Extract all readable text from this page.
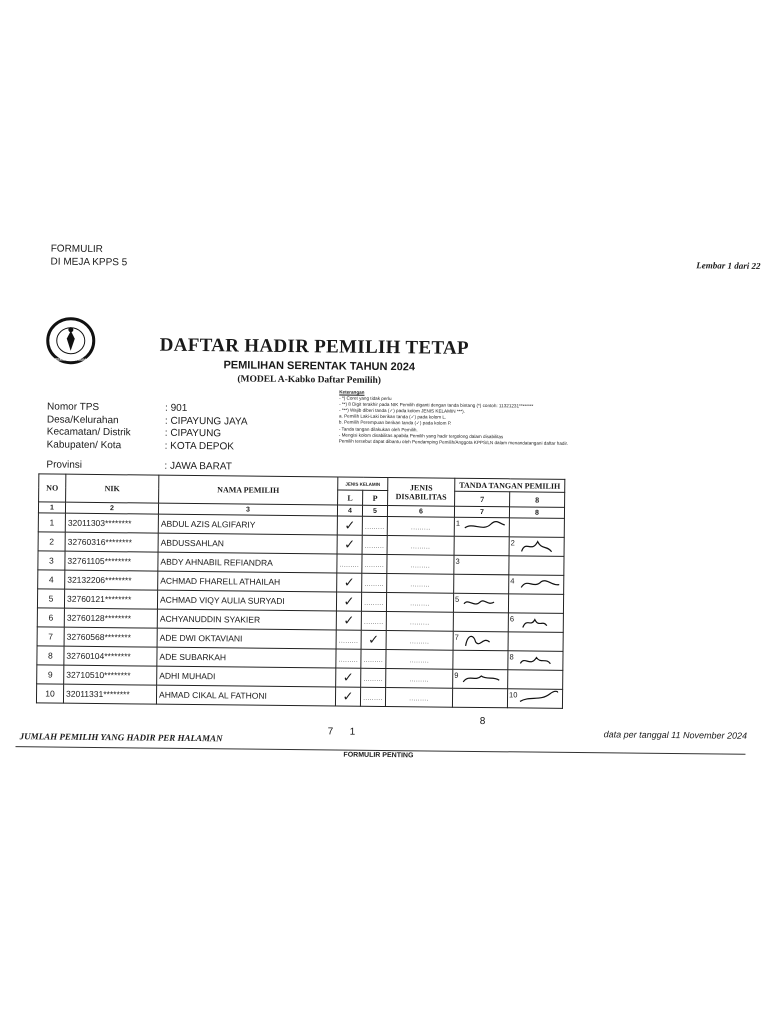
FORMULIR
DI MEJA KPPS 5	Lembar 1 dari 22
KOMISI
PEMILIHAN UMUM
DAFTAR HADIR PEMILIH TETAP
PEMILIHAN SERENTAK TAHUN 2024
(MODEL A-Kabko Daftar Pemilih)
Nomor TPS	: 901
Desa/Kelurahan	: CIPAYUNG JAYA
Kecamatan/ Distrik	: CIPAYUNG
Kabupaten/ Kota	: KOTA DEPOK
Provinsi	: JAWA BARAT
Keterangan
- *) Coret yang tidak perlu
- **) 8 Digit terakhir pada NIK Pemilih diganti dengan tanda bintang (*) contoh: 11321231********
- ***) Wajib diberi tanda (✓) pada kolom JENIS KELAMIN ***).
a. Pemilih Laki-Laki berikan tanda (✓) pada kolom L.
b. Pemilih Perempuan berikan tanda (✓) pada kolom P.
- Tanda tangan dilakukan oleh Pemilih.
- Mengisi kolom disabilitas apabila Pemilih yang hadir tergolong dalam disabilitas
Pemilih tersebut dapat dibantu oleh Pendamping Pemilih/Anggota KPPS/LN dalam menandatangani daftar hadir.
NO	NIK	NAMA PEMILIH	JENIS KELAMIN		JENIS DISABILITAS	TANDA TANGAN PEMILIH	
			L	P		7	8
1	2	3	4	5	6	7	8
1	32011303********	ABDUL AZIS ALGIFARIY	✓	.........	.........	1	

2	32760316********	ABDUSSAHLAN	✓	.........	.........		2

3	32761105********	ABDY AHNABIL REFIANDRA	.........	.........	.........	3	

4	32132206********	ACHMAD FHARELL ATHAILAH	✓	.........	.........		4

5	32760121********	ACHMAD VIQY AULIA SURYADI	✓	.........	.........	5	

6	32760128********	ACHYANUDDIN SYAKIER	✓	.........	.........		6

7	32760568********	ADE DWI OKTAVIANI	.........	✓	.........	7	

8	32760104********	ADE SUBARKAH	.........	.........	.........		8

9	32710510********	ADHI MUHADI	✓	.........	.........	9	

10	32011331********	AHMAD CIKAL AL FATHONI	✓	.........	.........		10
JUMLAH PEMILIH YANG HADIR PER HALAMAN	7 1
8
data per tanggal 11 November 2024
FORMULIR PENTING
